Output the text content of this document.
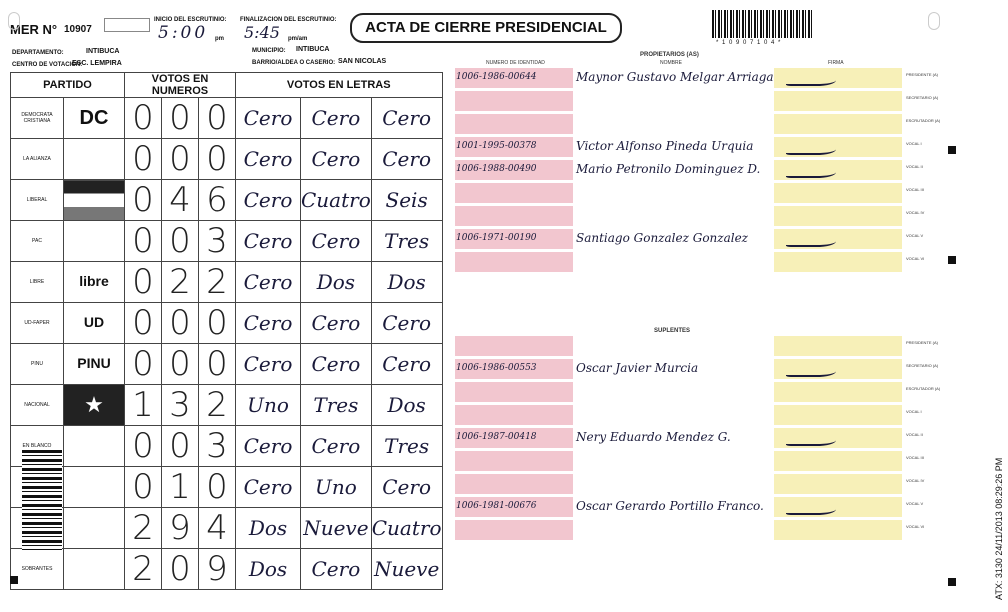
MER N° 10907
INICIO DEL ESCRUTINIO:
5:00 pm
FINALIZACION DEL ESCRUTINIO:
5:45 pm/am
ACTA DE CIERRE PRESIDENCIAL
DEPARTAMENTO:	INTIBUCA
CENTRO DE VOTACION:
ESC. LEMPIRA
MUNICIPIO: INTIBUCA
BARRIO/ALDEA O CASERIO: SAN NICOLAS
* 1 0 9 0 7 1 0 4 *
PARTIDO		VOTOS EN NUMEROS			VOTOS EN LETRAS		
DEMOCRATA CRISTIANA	DC	0	0	0	Cero	Cero	Cero
LA ALIANZA		0	0	0	Cero	Cero	Cero
LIBERAL		0	4	6	Cero	Cuatro	Seis
PAC		0	0	3	Cero	Cero	Tres
LIBRE	libre	0	2	2	Cero	Dos	Dos
UD-FAPER	UD	0	0	0	Cero	Cero	Cero
PINU	PINU	0	0	0	Cero	Cero	Cero
NACIONAL	★	1	3	2	Uno	Tres	Dos
EN BLANCO		0	0	3	Cero	Cero	Tres
		0	1	0	Cero	Uno	Cero
		2	9	4	Dos	Nueve	Cuatro
SOBRANTES		2	0	9	Dos	Cero	Nueve
NUMERO DE IDENTIDAD
PROPIETARIOS (AS)
NOMBRE	FIRMA
SUPLENTES
1006-1986-00644	Maynor Gustavo Melgar Arriaga	PRESIDENTE (A)
SECRETARIO (A)
ESCRUTADOR (A)
1001-1995-00378	Victor Alfonso Pineda Urquia	VOCAL I
1006-1988-00490	Mario Petronilo Dominguez D.	VOCAL II
VOCAL III
VOCAL IV
1006-1971-00190	Santiago Gonzalez Gonzalez	VOCAL V
VOCAL VI
PRESIDENTE (A)
1006-1986-00553	Oscar Javier Murcia	SECRETARIO (A)
ESCRUTADOR (A)
VOCAL I
1006-1987-00418	Nery Eduardo Mendez G.	VOCAL II
VOCAL III
VOCAL IV
1006-1981-00676	Oscar Gerardo Portillo Franco.	VOCAL V
VOCAL VI	ATX: 3130 24/11/2013 08:29:26 PM
